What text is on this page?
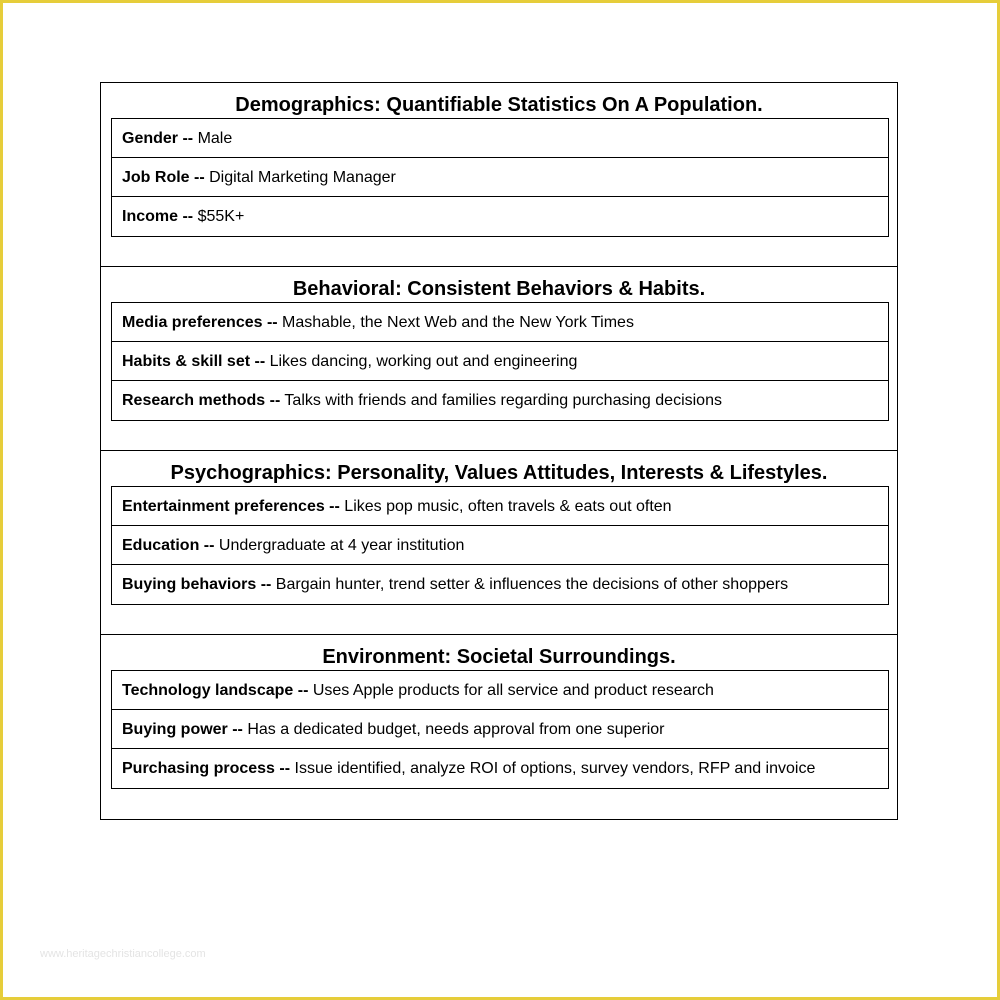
Demographics: Quantifiable Statistics On A Population.
Gender -- Male
Job Role -- Digital Marketing Manager
Income -- $55K+
Behavioral: Consistent Behaviors & Habits.
Media preferences -- Mashable, the Next Web and the New York Times
Habits & skill set -- Likes dancing, working out and engineering
Research methods -- Talks with friends and families regarding purchasing decisions
Psychographics: Personality, Values Attitudes, Interests & Lifestyles.
Entertainment preferences -- Likes pop music, often travels & eats out often
Education -- Undergraduate at 4 year institution
Buying behaviors -- Bargain hunter, trend setter & influences the decisions of other shoppers
Environment: Societal Surroundings.
Technology landscape -- Uses Apple products for all service and product research
Buying power -- Has a dedicated budget, needs approval from one superior
Purchasing process -- Issue identified, analyze ROI of options, survey vendors, RFP and invoice
www.heritagechristiancollege.com
